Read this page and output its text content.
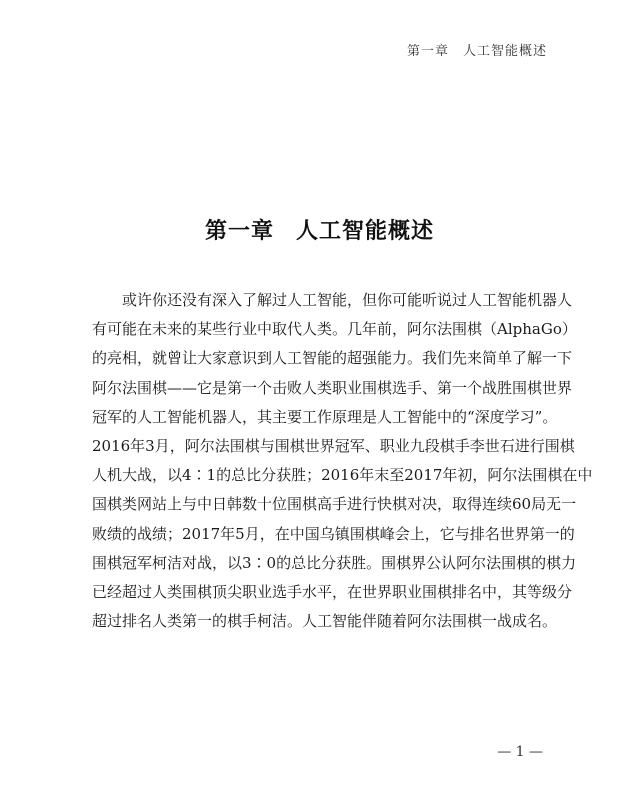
第一章　人工智能概述
第一章 人工智能概述
或许你还没有深入了解过人工智能，但你可能听说过人工智能机器人
有可能在未来的某些行业中取代人类。几年前，阿尔法围棋（AlphaGo）
的亮相，就曾让大家意识到人工智能的超强能力。我们先来简单了解一下
阿尔法围棋——它是第一个击败人类职业围棋选手、第一个战胜围棋世界
冠军的人工智能机器人，其主要工作原理是人工智能中的“深度学习”。
2016年3月，阿尔法围棋与围棋世界冠军、职业九段棋手李世石进行围棋
人机大战，以4∶1的总比分获胜；2016年末至2017年初，阿尔法围棋在中
国棋类网站上与中日韩数十位围棋高手进行快棋对决，取得连续60局无一
败绩的战绩；2017年5月，在中国乌镇围棋峰会上，它与排名世界第一的
围棋冠军柯洁对战，以3∶0的总比分获胜。围棋界公认阿尔法围棋的棋力
已经超过人类围棋顶尖职业选手水平，在世界职业围棋排名中，其等级分
超过排名人类第一的棋手柯洁。人工智能伴随着阿尔法围棋一战成名。
— 1 —
